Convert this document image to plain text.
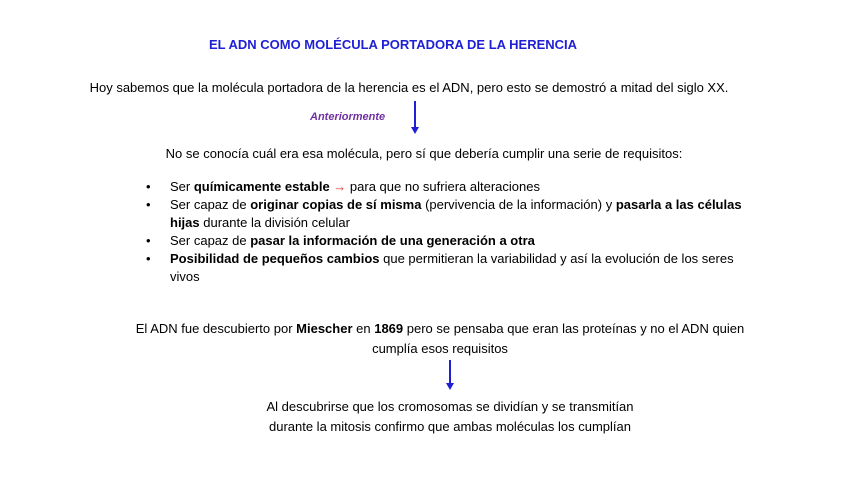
EL ADN COMO MOLÉCULA PORTADORA DE LA HERENCIA
Hoy sabemos que la molécula portadora de la herencia es el ADN, pero esto se demostró a mitad del siglo XX.
Anteriormente
No se conocía cuál era esa molécula, pero sí que debería cumplir una serie de requisitos:
• Ser químicamente estable → para que no sufriera alteraciones
• Ser capaz de originar copias de sí misma (pervivencia de la información) y pasarla a las células hijas durante la división celular
• Ser capaz de pasar la información de una generación a otra
• Posibilidad de pequeños cambios que permitieran la variabilidad y así la evolución de los seres vivos
El ADN fue descubierto por Miescher en 1869 pero se pensaba que eran las proteínas y no el ADN quien cumplía esos requisitos
Al descubrirse que los cromosomas se dividían y se transmitían
durante la mitosis confirmo que ambas moléculas los cumplían
